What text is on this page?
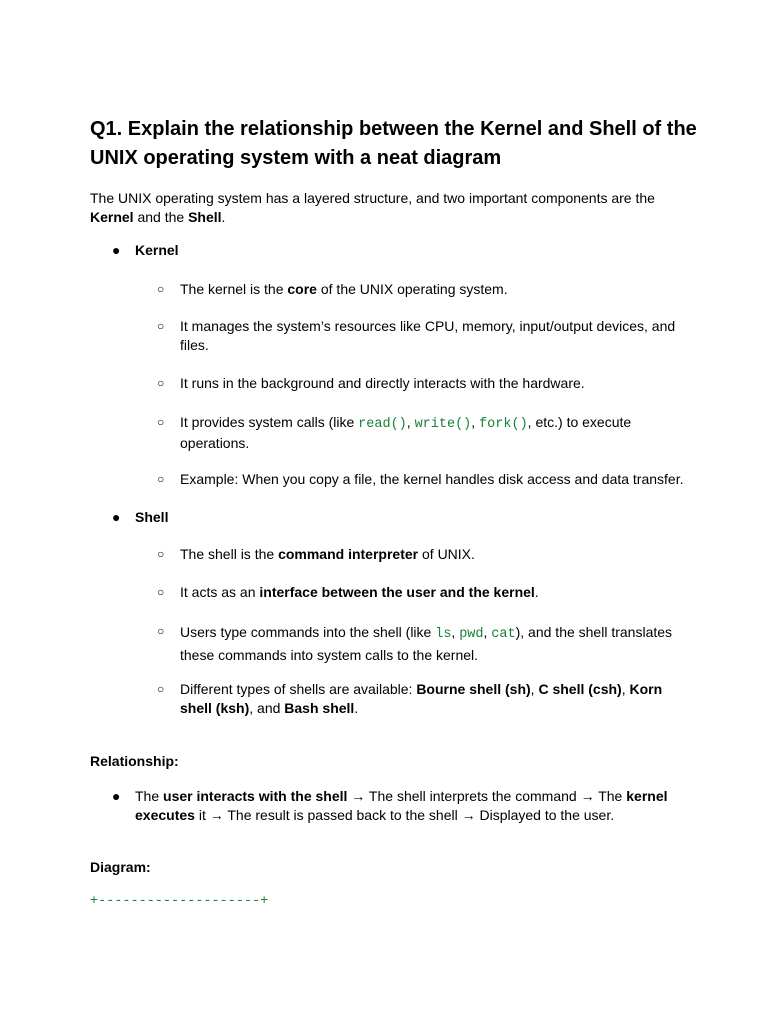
Q1. Explain the relationship between the Kernel and Shell of the UNIX operating system with a neat diagram
The UNIX operating system has a layered structure, and two important components are the Kernel and the Shell.
● Kernel
○ The kernel is the core of the UNIX operating system.
○ It manages the system’s resources like CPU, memory, input/output devices, and files.
○ It runs in the background and directly interacts with the hardware.
○ It provides system calls (like read(), write(), fork(), etc.) to execute operations.
○ Example: When you copy a file, the kernel handles disk access and data transfer.
● Shell
○ The shell is the command interpreter of UNIX.
○ It acts as an interface between the user and the kernel.
○ Users type commands into the shell (like ls, pwd, cat), and the shell translates these commands into system calls to the kernel.
○ Different types of shells are available: Bourne shell (sh), C shell (csh), Korn shell (ksh), and Bash shell.
Relationship:
● The user interacts with the shell → The shell interprets the command → The kernel executes it → The result is passed back to the shell → Displayed to the user.
Diagram:
+--------------------+
